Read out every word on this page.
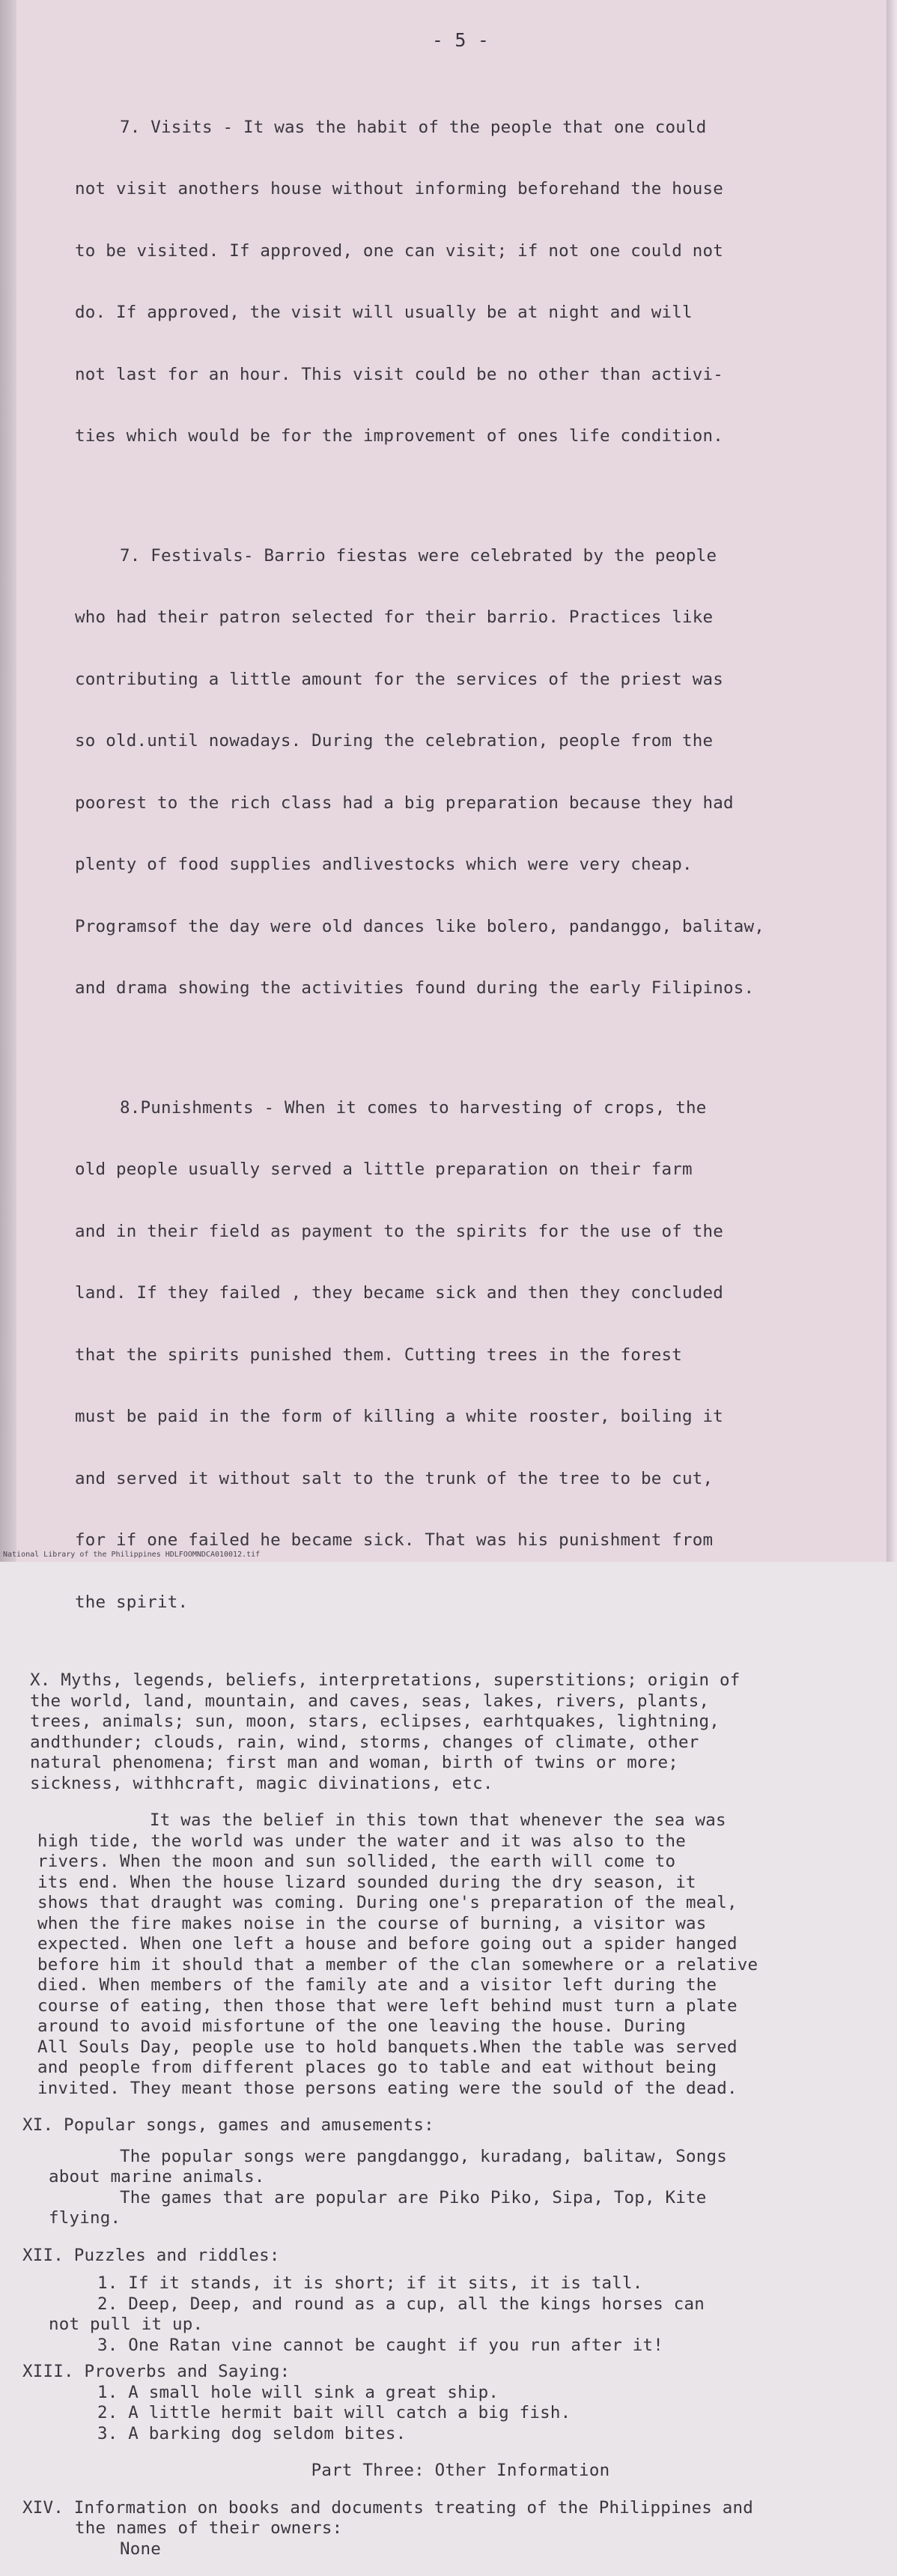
- 5 -

7. Visits - It was the habit of the people that one could

not visit anothers house without informing beforehand the house

to be visited. If approved, one can visit; if not one could not

do. If approved, the visit will usually be at night and will

not last for an hour. This visit could be no other than activi-

ties which would be for the improvement of ones life condition.

7. Festivals- Barrio fiestas were celebrated by the people

who had their patron selected for their barrio. Practices like

contributing a little amount for the services of the priest was

so old.until nowadays. During the celebration, people from the

poorest to the rich class had a big preparation because they had

plenty of food supplies andlivestocks which were very cheap.

Programsof the day were old dances like bolero, pandanggo, balitaw,

and drama showing the activities found during the early Filipinos.

8.Punishments - When it comes to harvesting of crops, the

old people usually served a little preparation on their farm

and in their field as payment to the spirits for the use of the

land. If they failed , they became sick and then they concluded

that the spirits punished them. Cutting trees in the forest

must be paid in the form of killing a white rooster, boiling it

and served it without salt to the trunk of the tree to be cut,

for if one failed he became sick. That was his punishment from

the spirit.

X. Myths, legends, beliefs, interpretations, superstitions; origin of
the world, land, mountain, and caves, seas, lakes, rivers, plants,
trees, animals; sun, moon, stars, eclipses, earhtquakes, lightning,
andthunder; clouds, rain, wind, storms, changes of climate, other
natural phenomena; first man and woman, birth of twins or more;
sickness, withhcraft, magic divinations, etc.
It was the belief in this town that whenever the sea was
high tide, the world was under the water and it was also to the
rivers. When the moon and sun sollided, the earth will come to
its end. When the house lizard sounded during the dry season, it
shows that draught was coming. During one's preparation of the meal,
when the fire makes noise in the course of burning, a visitor was
expected. When one left a house and before going out a spider hanged
before him it should that a member of the clan somewhere or a relative
died. When members of the family ate and a visitor left during the
course of eating, then those that were left behind must turn a plate
around to avoid misfortune of the one leaving the house. During
All Souls Day, people use to hold banquets.When the table was served
and people from different places go to table and eat without being
invited. They meant those persons eating were the sould of the dead.
XI. Popular songs, games and amusements:
The popular songs were pangdanggo, kuradang, balitaw, Songs
about marine animals.
The games that are popular are Piko Piko, Sipa, Top, Kite
flying.
XII. Puzzles and riddles:
1. If it stands, it is short; if it sits, it is tall.
2. Deep, Deep, and round as a cup, all the kings horses can
not pull it up.
3. One Ratan vine cannot be caught if you run after it!
XIII. Proverbs and Saying:
1. A small hole will sink a great ship.
2. A little hermit bait will catch a big fish.
3. A barking dog seldom bites.
Part Three: Other Information
XIV. Information on books and documents treating of the Philippines and
the names of their owners:
None
National Library of the Philippines HDLFOOMNDCA010012.tif
